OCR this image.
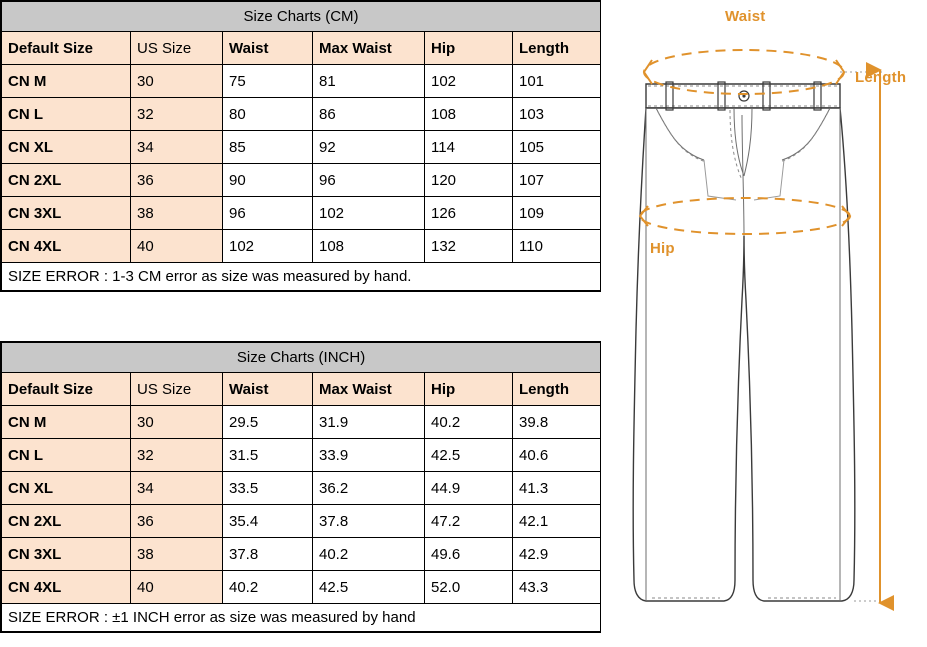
Size Charts (CM)					
Default Size	US Size	Waist	Max Waist	Hip	Length
CN M	30	75	81	102	101
CN L	32	80	86	108	103
CN XL	34	85	92	114	105
CN 2XL	36	90	96	120	107
CN 3XL	38	96	102	126	109
CN 4XL	40	102	108	132	110
SIZE ERROR : 1-3 CM error as size was measured by hand.					
Size Charts (INCH)					
Default Size	US Size	Waist	Max Waist	Hip	Length
CN M	30	29.5	31.9	40.2	39.8
CN L	32	31.5	33.9	42.5	40.6
CN XL	34	33.5	36.2	44.9	41.3
CN 2XL	36	35.4	37.8	47.2	42.1
CN 3XL	38	37.8	40.2	49.6	42.9
CN 4XL	40	40.2	42.5	52.0	43.3
SIZE ERROR : ±1 INCH error as size was measured by hand					
Waist
Length
Hip
